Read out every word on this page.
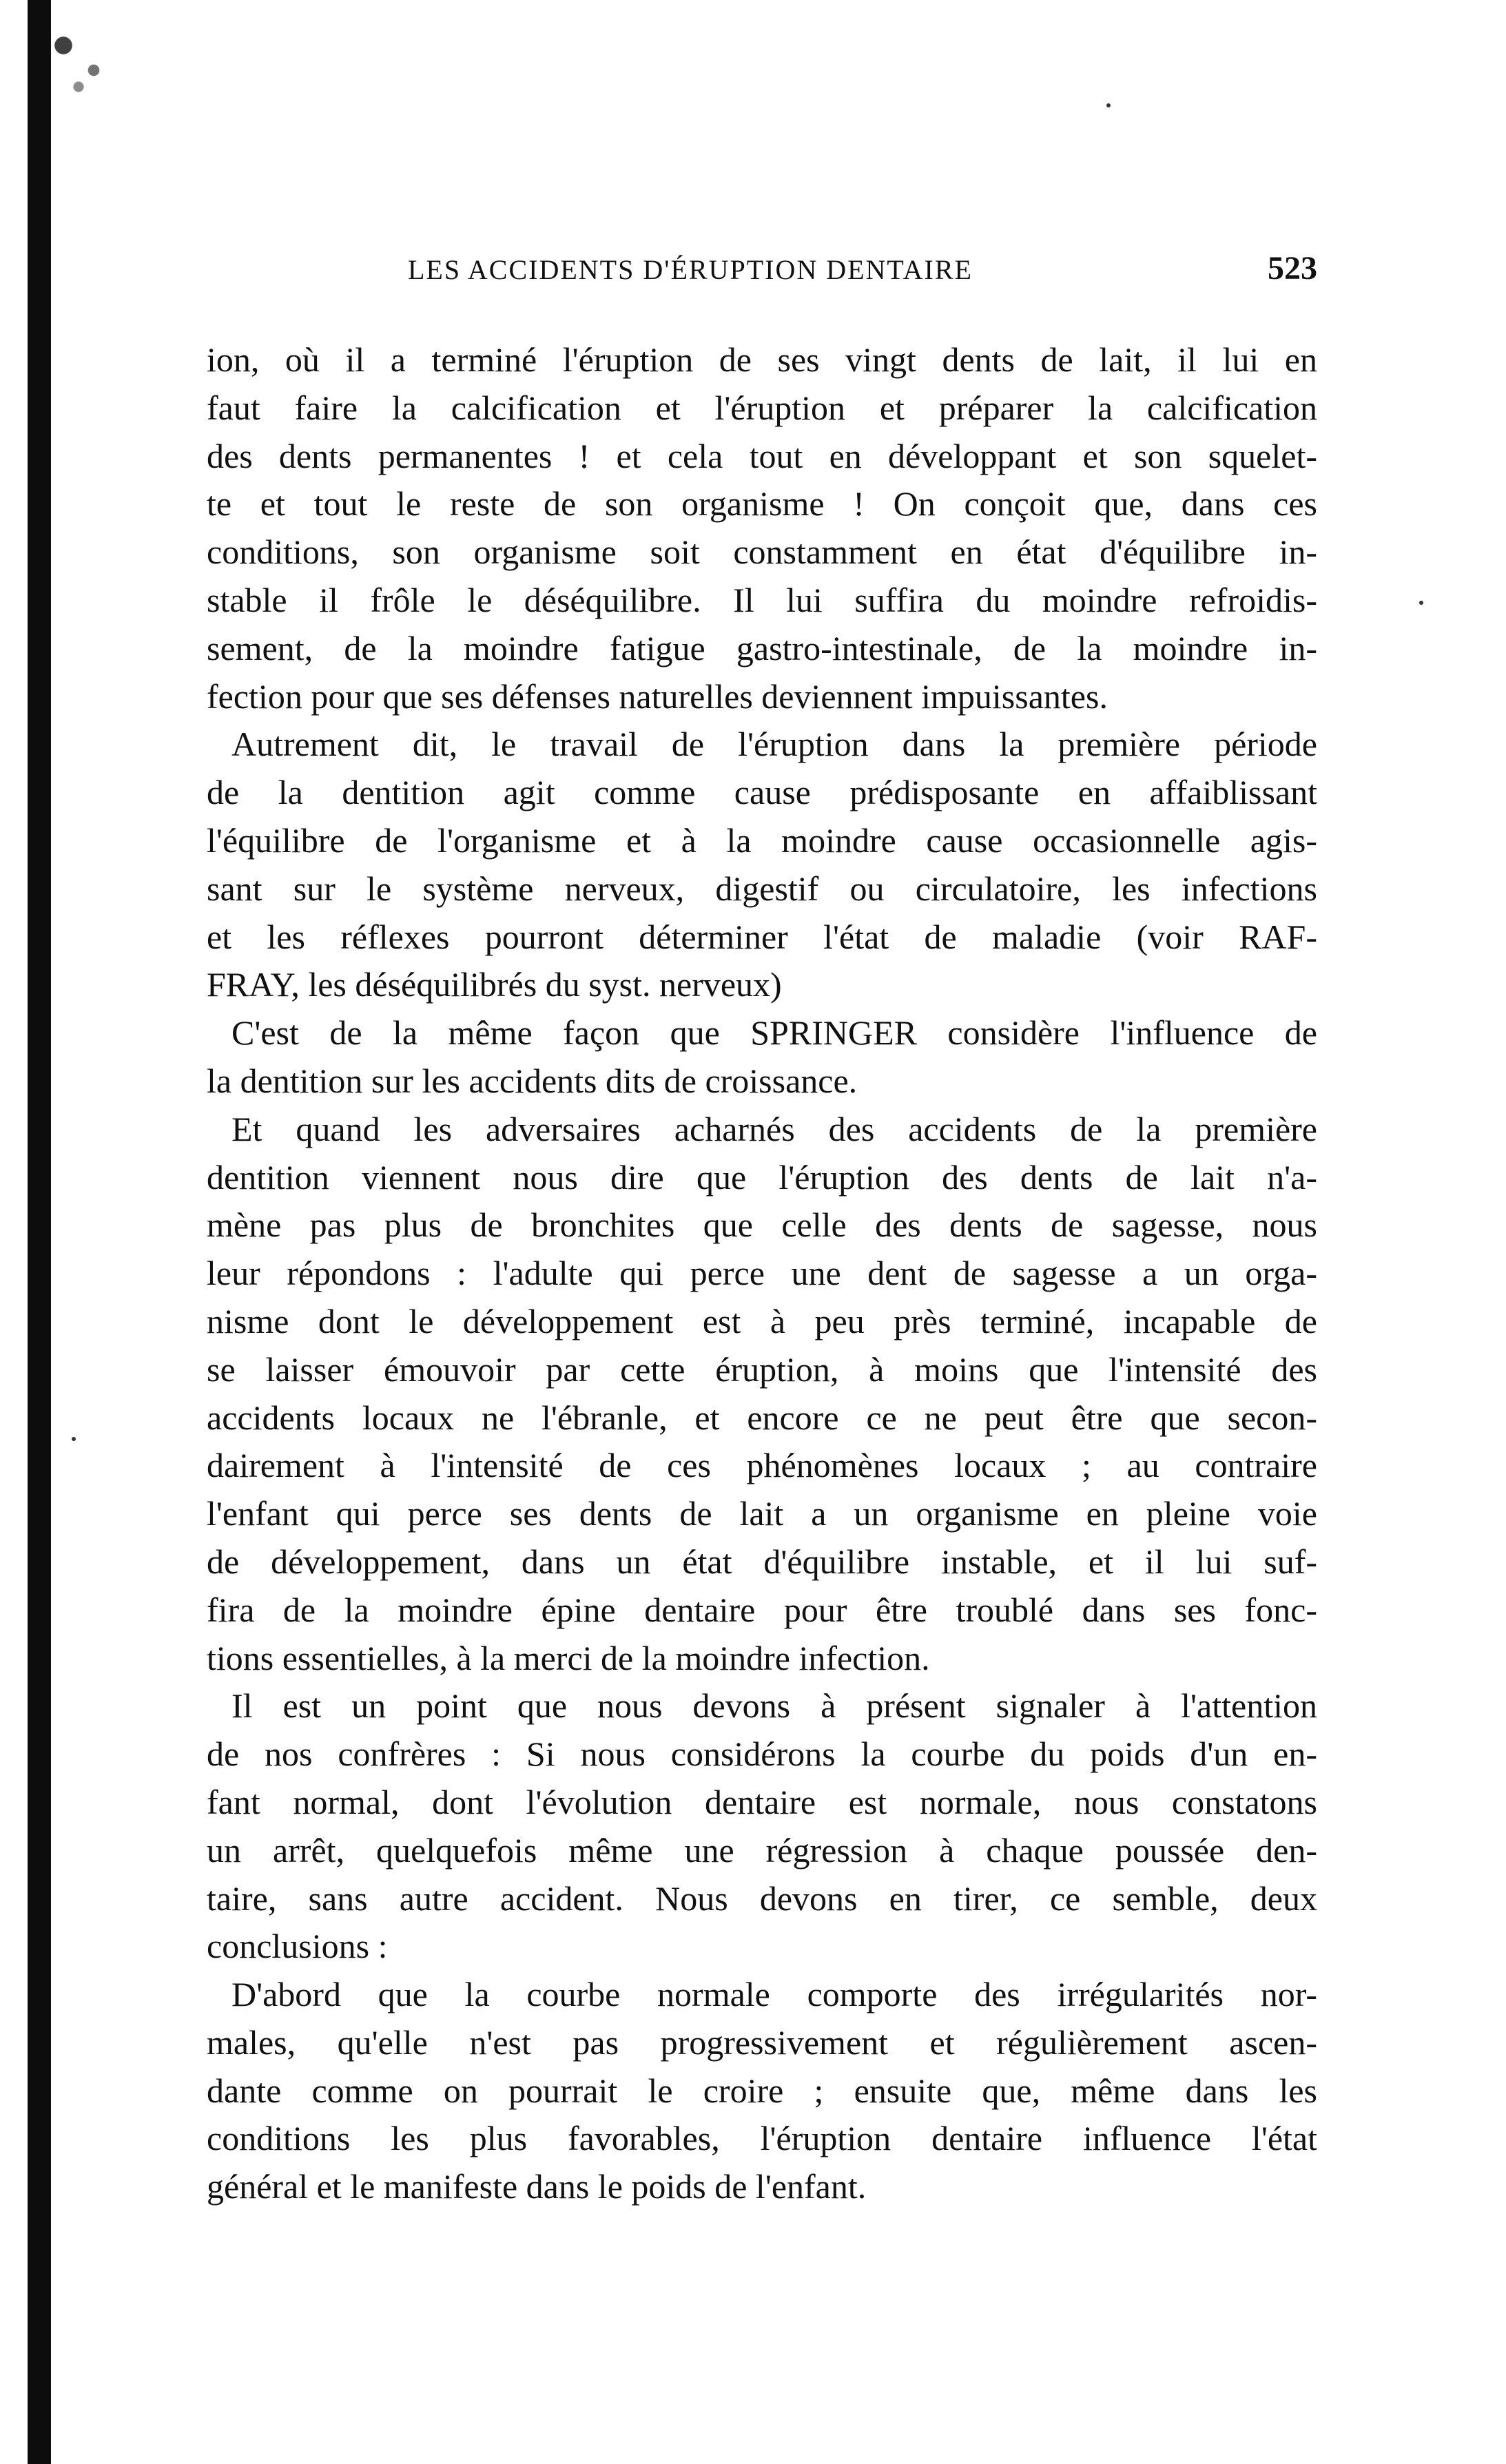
LES ACCIDENTS D'ÉRUPTION DENTAIRE	523
ion, où il a terminé l'éruption de ses vingt dents de lait, il lui en
faut faire la calcification et l'éruption et préparer la calcification
des dents permanentes ! et cela tout en développant et son squelet-
te et tout le reste de son organisme ! On conçoit que, dans ces
conditions, son organisme soit constamment en état d'équilibre in-
stable il frôle le déséquilibre. Il lui suffira du moindre refroidis-
sement, de la moindre fatigue gastro-intestinale, de la moindre in-
fection pour que ses défenses naturelles deviennent impuissantes.
Autrement dit, le travail de l'éruption dans la première période
de la dentition agit comme cause prédisposante en affaiblissant
l'équilibre de l'organisme et à la moindre cause occasionnelle agis-
sant sur le système nerveux, digestif ou circulatoire, les infections
et les réflexes pourront déterminer l'état de maladie (voir RAF-
FRAY, les déséquilibrés du syst. nerveux)
C'est de la même façon que SPRINGER considère l'influence de
la dentition sur les accidents dits de croissance.
Et quand les adversaires acharnés des accidents de la première
dentition viennent nous dire que l'éruption des dents de lait n'a-
mène pas plus de bronchites que celle des dents de sagesse, nous
leur répondons : l'adulte qui perce une dent de sagesse a un orga-
nisme dont le développement est à peu près terminé, incapable de
se laisser émouvoir par cette éruption, à moins que l'intensité des
accidents locaux ne l'ébranle, et encore ce ne peut être que secon-
dairement à l'intensité de ces phénomènes locaux ; au contraire
l'enfant qui perce ses dents de lait a un organisme en pleine voie
de développement, dans un état d'équilibre instable, et il lui suf-
fira de la moindre épine dentaire pour être troublé dans ses fonc-
tions essentielles, à la merci de la moindre infection.
Il est un point que nous devons à présent signaler à l'attention
de nos confrères : Si nous considérons la courbe du poids d'un en-
fant normal, dont l'évolution dentaire est normale, nous constatons
un arrêt, quelquefois même une régression à chaque poussée den-
taire, sans autre accident. Nous devons en tirer, ce semble, deux
conclusions :
D'abord que la courbe normale comporte des irrégularités nor-
males, qu'elle n'est pas progressivement et régulièrement ascen-
dante comme on pourrait le croire ; ensuite que, même dans les
conditions les plus favorables, l'éruption dentaire influence l'état
général et le manifeste dans le poids de l'enfant.
